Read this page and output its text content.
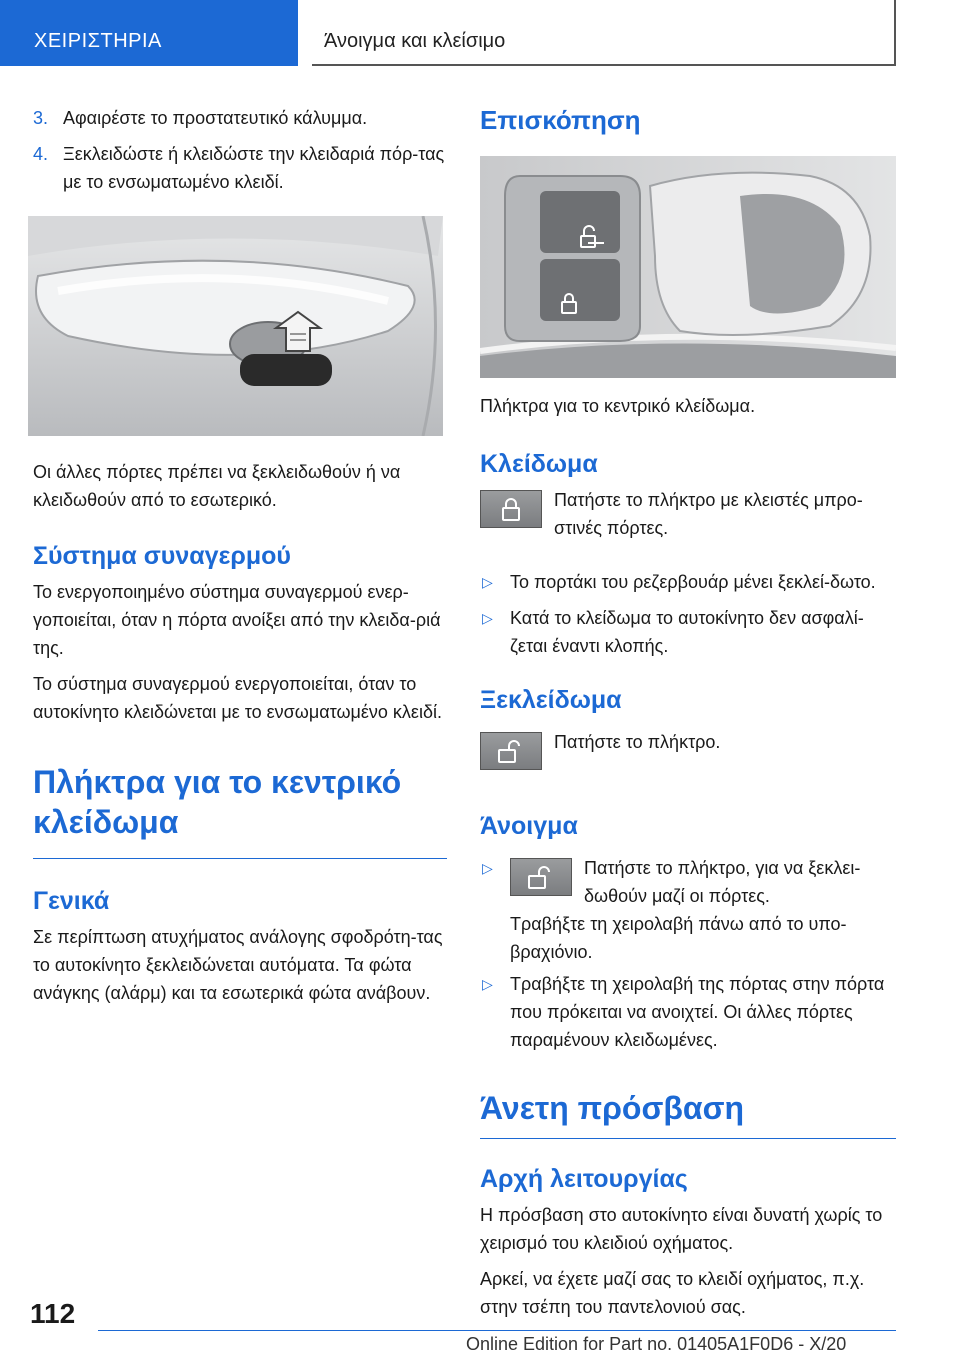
ΧΕΙΡΙΣΤΗΡΙΑ	Άνοιγμα και κλείσιμο
3. Αφαιρέστε το προστατευτικό κάλυμμα.
4. Ξεκλειδώστε ή κλειδώστε την κλειδαριά πόρ-τας με το ενσωματωμένο κλειδί.

Οι άλλες πόρτες πρέπει να ξεκλειδωθούν ή να κλειδωθούν από το εσωτερικό.

Σύστημα συναγερμού

Το ενεργοποιημένο σύστημα συναγερμού ενερ-γοποιείται, όταν η πόρτα ανοίξει από την κλειδα-ριά της.

Το σύστημα συναγερμού ενεργοποιείται, όταν το αυτοκίνητο κλειδώνεται με το ενσωματωμένο κλειδί.

Πλήκτρα για το κεντρικό κλείδωμα
Γενικά

Σε περίπτωση ατυχήματος ανάλογης σφοδρότη-τας το αυτοκίνητο ξεκλειδώνεται αυτόματα. Τα φώτα ανάγκης (αλάρμ) και τα εσωτερικά φώτα ανάβουν.

Επισκόπηση

Πλήκτρα για το κεντρικό κλείδωμα.

Κλείδωμα
Πατήστε το πλήκτρο με κλειστές μπρο-στινές πόρτες.
▷ Το πορτάκι του ρεζερβουάρ μένει ξεκλεί-δωτο.
▷ Κατά το κλείδωμα το αυτοκίνητο δεν ασφαλί-ζεται έναντι κλοπής.
Ξεκλείδωμα
Πατήστε το πλήκτρο.
Άνοιγμα
▷	Πατήστε το πλήκτρο, για να ξεκλει-δωθούν μαζί οι πόρτες.
Τραβήξτε τη χειρολαβή πάνω από το υπο-βραχιόνιο.
▷ Τραβήξτε τη χειρολαβή της πόρτας στην πόρτα που πρόκειται να ανοιχτεί. Οι άλλες πόρτες παραμένουν κλειδωμένες.
Άνετη πρόσβαση
Αρχή λειτουργίας

Η πρόσβαση στο αυτοκίνητο είναι δυνατή χωρίς το χειρισμό του κλειδιού οχήματος.

Αρκεί, να έχετε μαζί σας το κλειδί οχήματος, π.χ. στην τσέπη του παντελονιού σας.

112
Online Edition for Part no. 01405A1F0D6 - X/20
